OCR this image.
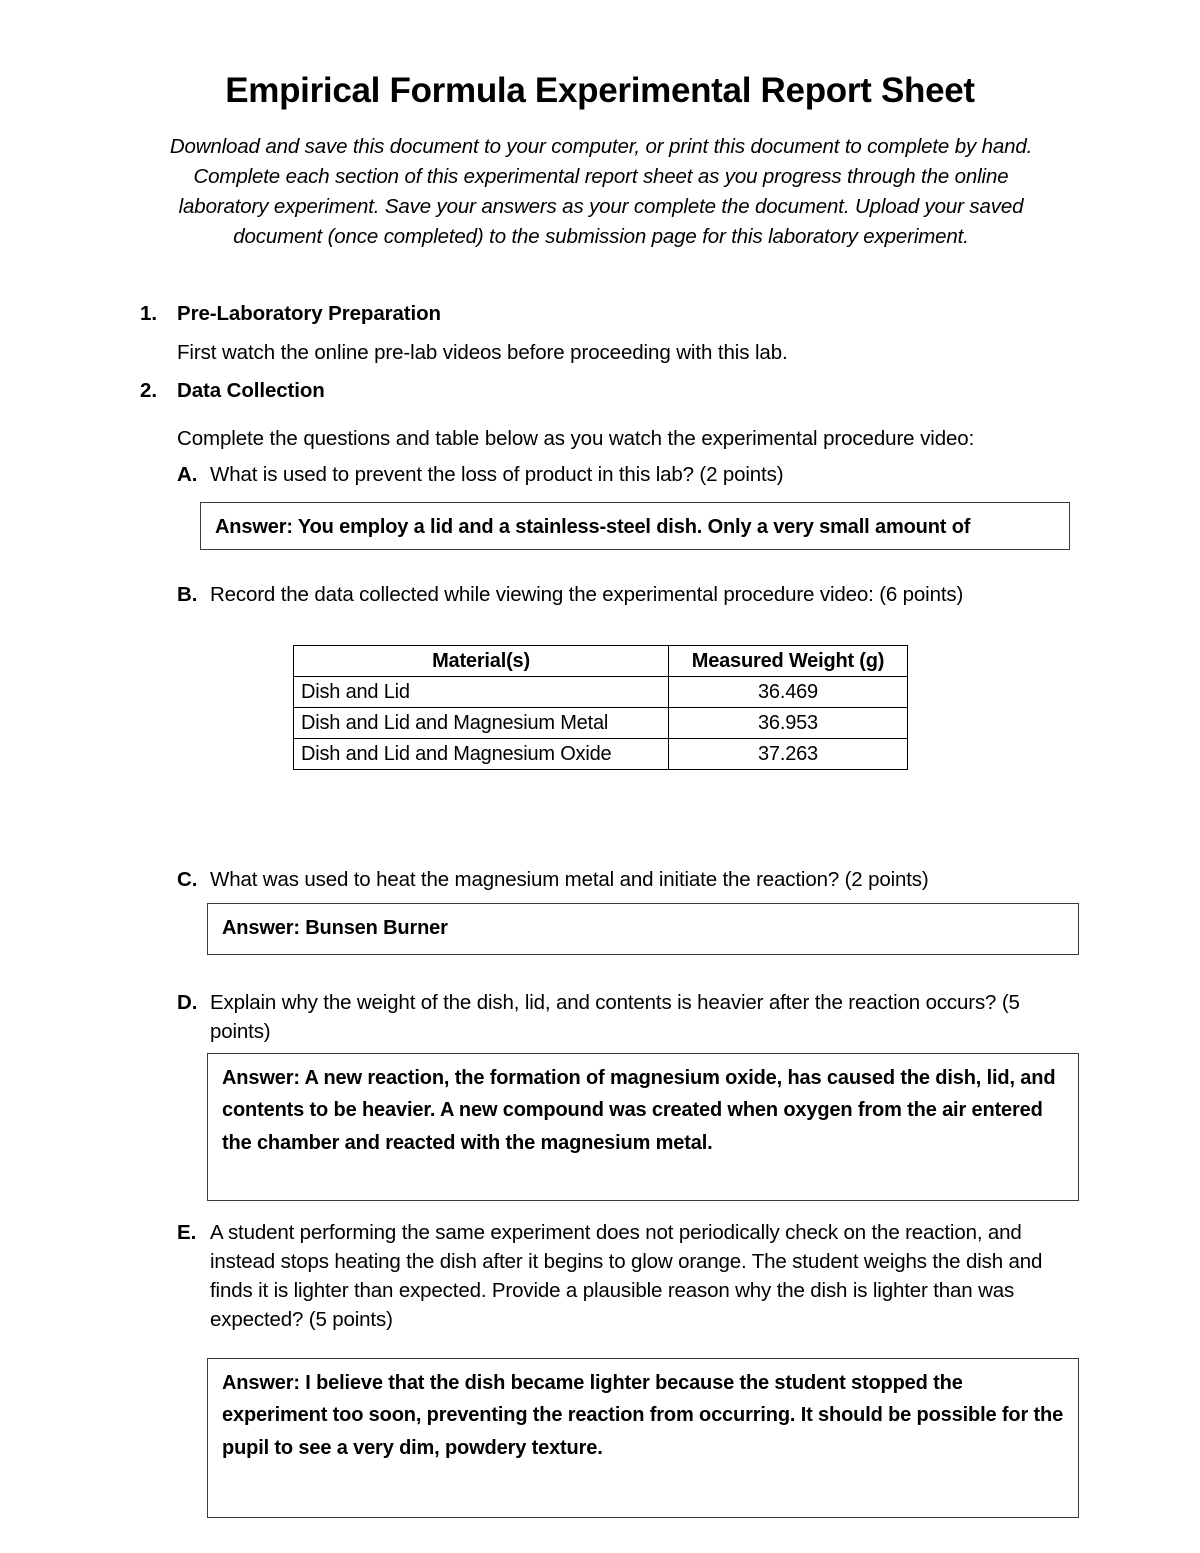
Empirical Formula Experimental Report Sheet
Download and save this document to your computer, or print this document to complete by hand. Complete each section of this experimental report sheet as you progress through the online laboratory experiment. Save your answers as your complete the document. Upload your saved document (once completed) to the submission page for this laboratory experiment.
1. Pre-Laboratory Preparation
First watch the online pre-lab videos before proceeding with this lab.
2. Data Collection
Complete the questions and table below as you watch the experimental procedure video:
A. What is used to prevent the loss of product in this lab? (2 points)
Answer: You employ a lid and a stainless-steel dish. Only a very small amount of
B. Record the data collected while viewing the experimental procedure video: (6 points)
Material(s)	Measured Weight (g)
Dish and Lid	36.469
Dish and Lid and Magnesium Metal	36.953
Dish and Lid and Magnesium Oxide	37.263
C. What was used to heat the magnesium metal and initiate the reaction? (2 points)
Answer: Bunsen Burner
D. Explain why the weight of the dish, lid, and contents is heavier after the reaction occurs? (5 points)
Answer: A new reaction, the formation of magnesium oxide, has caused the dish, lid, and contents to be heavier. A new compound was created when oxygen from the air entered the chamber and reacted with the magnesium metal.
E. A student performing the same experiment does not periodically check on the reaction, and instead stops heating the dish after it begins to glow orange. The student weighs the dish and finds it is lighter than expected. Provide a plausible reason why the dish is lighter than was expected? (5 points)
Answer: I believe that the dish became lighter because the student stopped the experiment too soon, preventing the reaction from occurring. It should be possible for the pupil to see a very dim, powdery texture.
